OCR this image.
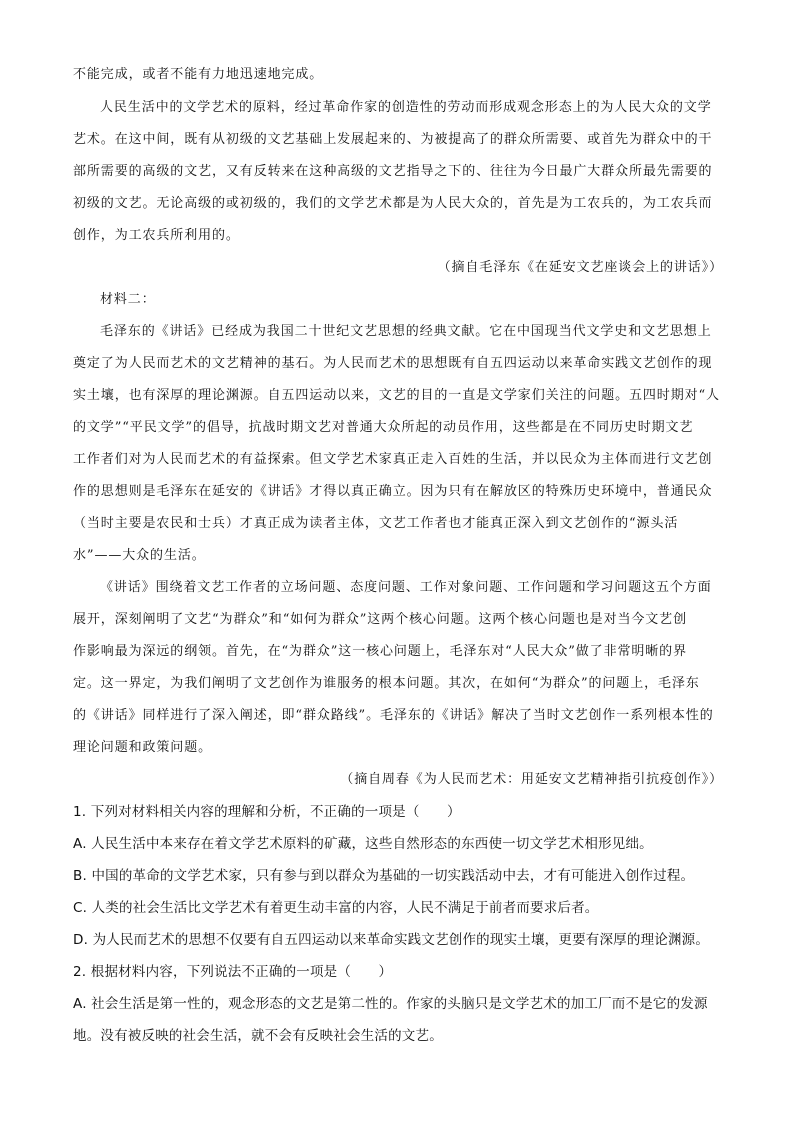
不能完成，或者不能有力地迅速地完成。
人民生活中的文学艺术的原料，经过革命作家的创造性的劳动而形成观念形态上的为人民大众的文学
艺术。在这中间，既有从初级的文艺基础上发展起来的、为被提高了的群众所需要、或首先为群众中的干
部所需要的高级的文艺，又有反转来在这种高级的文艺指导之下的、往往为今日最广大群众所最先需要的
初级的文艺。无论高级的或初级的，我们的文学艺术都是为人民大众的，首先是为工农兵的，为工农兵而
创作，为工农兵所利用的。
（摘自毛泽东《在延安文艺座谈会上的讲话》）
材料二：
毛泽东的《讲话》已经成为我国二十世纪文艺思想的经典文献。它在中国现当代文学史和文艺思想上
奠定了为人民而艺术的文艺精神的基石。为人民而艺术的思想既有自五四运动以来革命实践文艺创作的现
实土壤，也有深厚的理论渊源。自五四运动以来，文艺的目的一直是文学家们关注的问题。五四时期对“人
的文学”“平民文学”的倡导，抗战时期文艺对普通大众所起的动员作用，这些都是在不同历史时期文艺
工作者们对为人民而艺术的有益探索。但文学艺术家真正走入百姓的生活，并以民众为主体而进行文艺创
作的思想则是毛泽东在延安的《讲话》才得以真正确立。因为只有在解放区的特殊历史环境中，普通民众
（当时主要是农民和士兵）才真正成为读者主体，文艺工作者也才能真正深入到文艺创作的“源头活
水”——大众的生活。
《讲话》围绕着文艺工作者的立场问题、态度问题、工作对象问题、工作问题和学习问题这五个方面
展开，深刻阐明了文艺“为群众”和“如何为群众”这两个核心问题。这两个核心问题也是对当今文艺创
作影响最为深远的纲领。首先，在“为群众”这一核心问题上，毛泽东对“人民大众”做了非常明晰的界
定。这一界定，为我们阐明了文艺创作为谁服务的根本问题。其次，在如何“为群众”的问题上，毛泽东
的《讲话》同样进行了深入阐述，即“群众路线”。毛泽东的《讲话》解决了当时文艺创作一系列根本性的
理论问题和政策问题。
（摘自周春《为人民而艺术：用延安文艺精神指引抗疫创作》）
1. 下列对材料相关内容的理解和分析，不正确的一项是（　　）
A. 人民生活中本来存在着文学艺术原料的矿藏，这些自然形态的东西使一切文学艺术相形见绌。
B. 中国的革命的文学艺术家，只有参与到以群众为基础的一切实践活动中去，才有可能进入创作过程。
C. 人类的社会生活比文学艺术有着更生动丰富的内容，人民不满足于前者而要求后者。
D. 为人民而艺术的思想不仅要有自五四运动以来革命实践文艺创作的现实土壤，更要有深厚的理论渊源。
2. 根据材料内容，下列说法不正确的一项是（　　）
A. 社会生活是第一性的，观念形态的文艺是第二性的。作家的头脑只是文学艺术的加工厂而不是它的发源
地。没有被反映的社会生活，就不会有反映社会生活的文艺。
